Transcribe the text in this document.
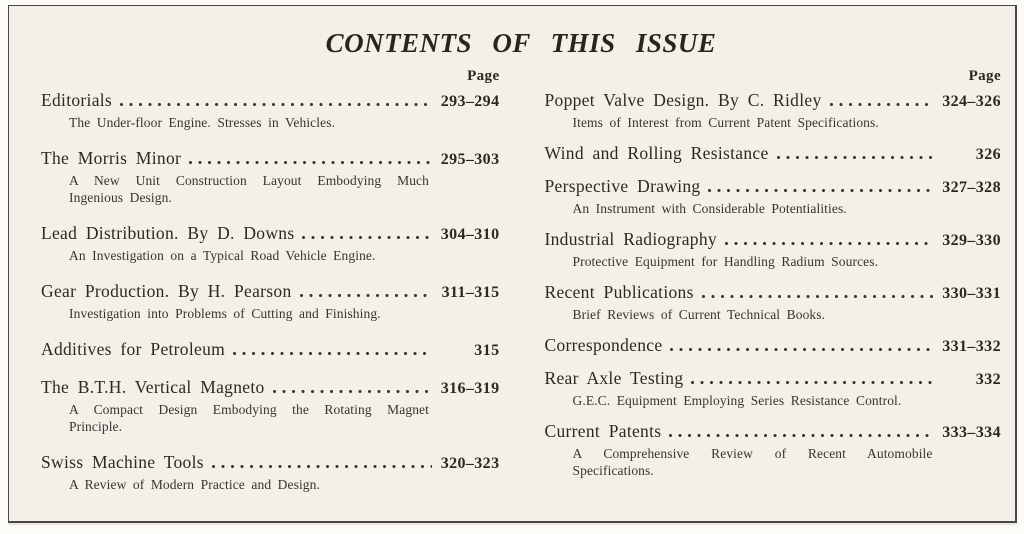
CONTENTS OF THIS ISSUE
Page
Editorials	293–294

The Under-floor Engine. Stresses in Vehicles.

The Morris Minor	295–303

A New Unit Construction Layout Embodying Much Ingenious Design.

Lead Distribution. By D. Downs	304–310

An Investigation on a Typical Road Vehicle Engine.

Gear Production. By H. Pearson	311–315

Investigation into Problems of Cutting and Finishing.

Additives for Petroleum	315
The B.T.H. Vertical Magneto	316–319

A Compact Design Embodying the Rotating Magnet Principle.

Swiss Machine Tools	320–323

A Review of Modern Practice and Design.

Page
Poppet Valve Design. By C. Ridley	324–326

Items of Interest from Current Patent Specifications.

Wind and Rolling Resistance	326
Perspective Drawing	327–328

An Instrument with Considerable Potentialities.

Industrial Radiography	329–330

Protective Equipment for Handling Radium Sources.

Recent Publications	330–331

Brief Reviews of Current Technical Books.

Correspondence	331–332
Rear Axle Testing	332

G.E.C. Equipment Employing Series Resistance Control.

Current Patents	333–334

A Comprehensive Review of Recent Automobile Specifications.
